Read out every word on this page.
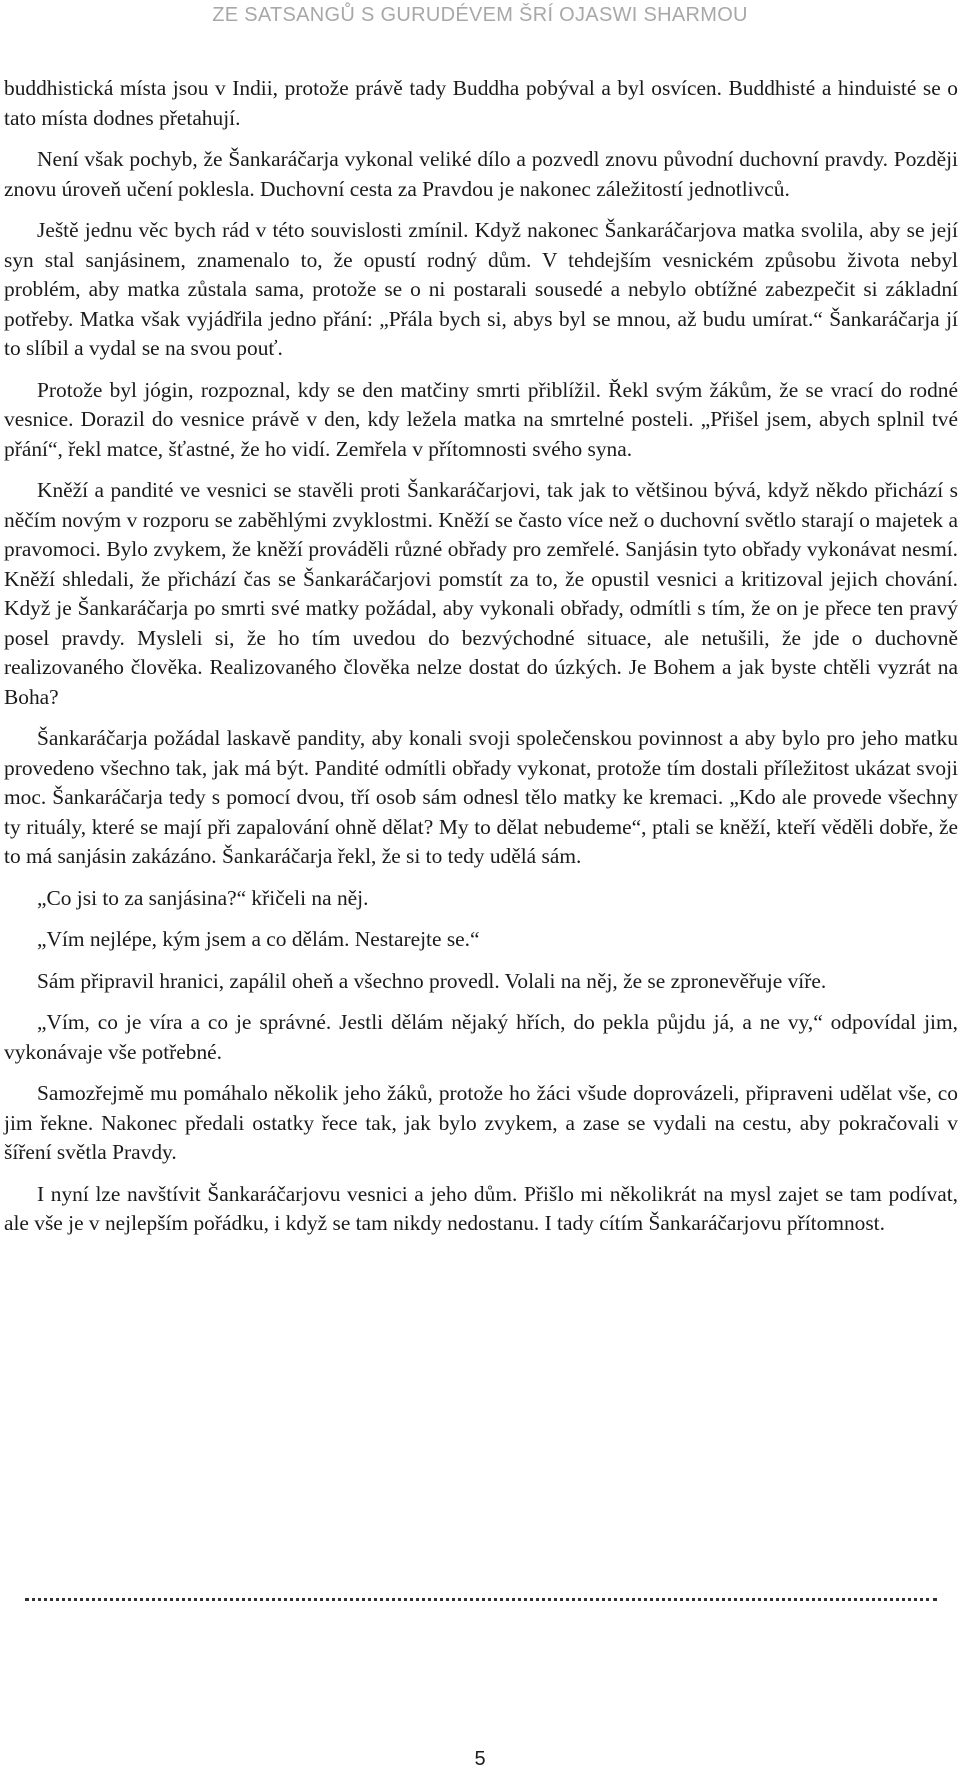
ZE SATSANGŮ S GURUDÉVEM ŠRÍ OJASWI SHARMOU

buddhistická místa jsou v Indii, protože právě tady Buddha pobýval a byl osvícen. Buddhisté a hinduisté se o tato místa dodnes přetahují.

Není však pochyb, že Šankaráčarja vykonal veliké dílo a pozvedl znovu původní duchovní pravdy. Později znovu úroveň učení poklesla. Duchovní cesta za Pravdou je nakonec záležitostí jednotlivců.

Ještě jednu věc bych rád v této souvislosti zmínil. Když nakonec Šankaráčarjova matka svolila, aby se její syn stal sanjásinem, znamenalo to, že opustí rodný dům. V tehdejším vesnickém způsobu života nebyl problém, aby matka zůstala sama, protože se o ni postarali sousedé a nebylo obtížné zabezpečit si základní potřeby. Matka však vyjádřila jedno přání: „Přála bych si, abys byl se mnou, až budu umírat.“ Šankaráčarja jí to slíbil a vydal se na svou pouť.

Protože byl jógin, rozpoznal, kdy se den matčiny smrti přiblížil. Řekl svým žákům, že se vrací do rodné vesnice. Dorazil do vesnice právě v den, kdy ležela matka na smrtelné posteli. „Přišel jsem, abych splnil tvé přání“, řekl matce, šťastné, že ho vidí. Zemřela v přítomnosti svého syna.

Kněží a pandité ve vesnici se stavěli proti Šankaráčarjovi, tak jak to většinou bývá, když někdo přichází s něčím novým v rozporu se zaběhlými zvyklostmi. Kněží se často více než o duchovní světlo starají o majetek a pravomoci. Bylo zvykem, že kněží prováděli různé obřady pro zemřelé. Sanjásin tyto obřady vykonávat nesmí. Kněží shledali, že přichází čas se Šankaráčarjovi pomstít za to, že opustil vesnici a kritizoval jejich chování. Když je Šankaráčarja po smrti své matky požádal, aby vykonali obřady, odmítli s tím, že on je přece ten pravý posel pravdy. Mysleli si, že ho tím uvedou do bezvýchodné situace, ale netušili, že jde o duchovně realizovaného člověka. Realizovaného člověka nelze dostat do úzkých. Je Bohem a jak byste chtěli vyzrát na Boha?

Šankaráčarja požádal laskavě pandity, aby konali svoji společenskou povinnost a aby bylo pro jeho matku provedeno všechno tak, jak má být. Pandité odmítli obřady vykonat, protože tím dostali příležitost ukázat svoji moc. Šankaráčarja tedy s pomocí dvou, tří osob sám odnesl tělo matky ke kremaci. „Kdo ale provede všechny ty rituály, které se mají při zapalování ohně dělat? My to dělat nebudeme“, ptali se kněží, kteří věděli dobře, že to má sanjásin zakázáno. Šankaráčarja řekl, že si to tedy udělá sám.

„Co jsi to za sanjásina?“ křičeli na něj.

„Vím nejlépe, kým jsem a co dělám. Nestarejte se.“

Sám připravil hranici, zapálil oheň a všechno provedl. Volali na něj, že se zpronevěřuje víře.

„Vím, co je víra a co je správné. Jestli dělám nějaký hřích, do pekla půjdu já, a ne vy,“ odpovídal jim, vykonávaje vše potřebné.

Samozřejmě mu pomáhalo několik jeho žáků, protože ho žáci všude doprovázeli, připraveni udělat vše, co jim řekne. Nakonec předali ostatky řece tak, jak bylo zvykem, a zase se vydali na cestu, aby pokračovali v šíření světla Pravdy.

I nyní lze navštívit Šankaráčarjovu vesnici a jeho dům. Přišlo mi několikrát na mysl zajet se tam podívat, ale vše je v nejlepším pořádku, i když se tam nikdy nedostanu. I tady cítím Šankaráčarjovu přítomnost.

5
